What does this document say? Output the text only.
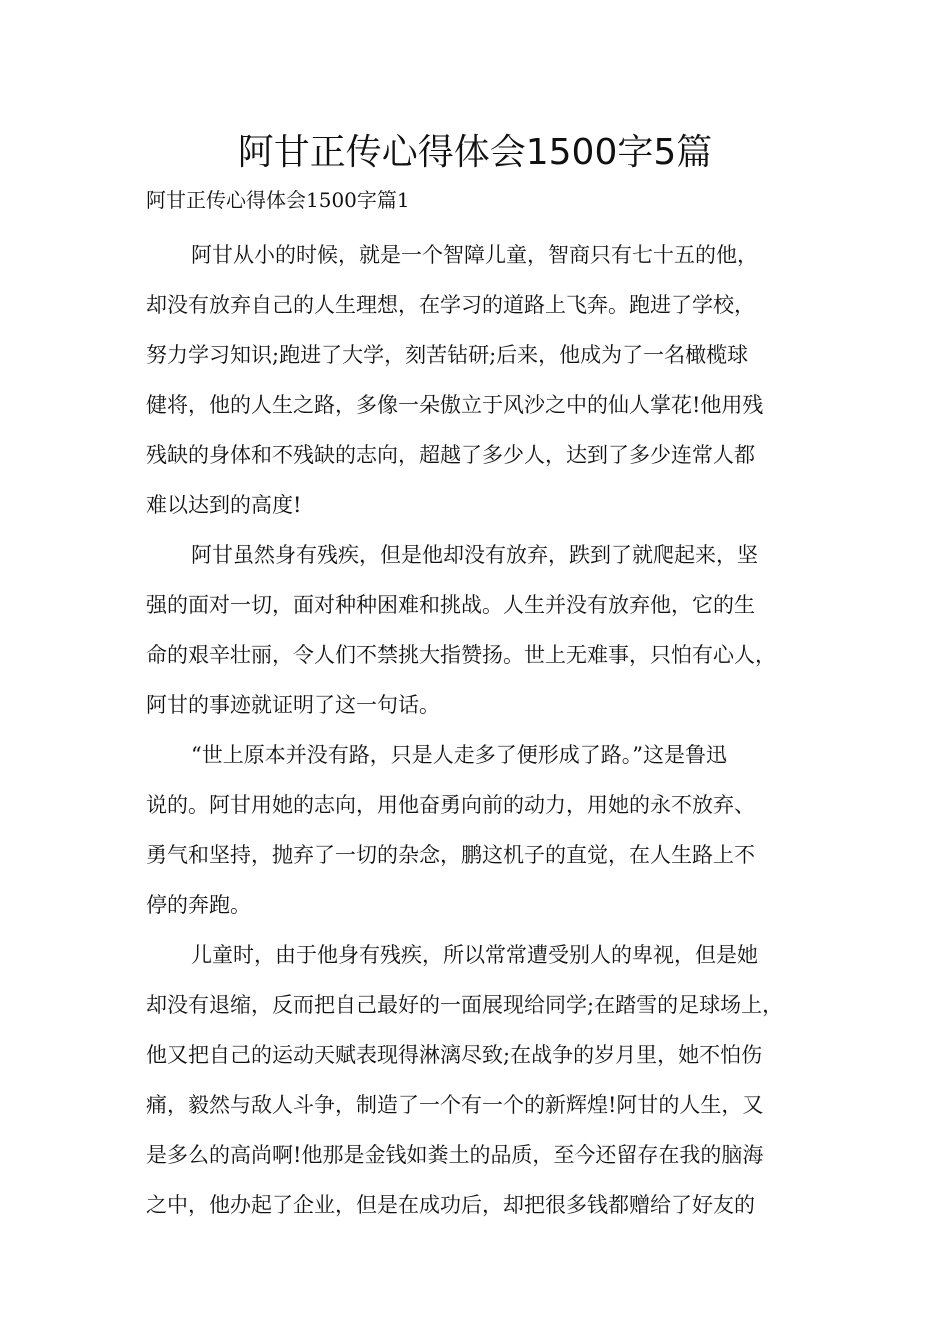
阿甘正传心得体会1500字5篇
阿甘正传心得体会1500字篇1

阿甘从小的时候，就是一个智障儿童，智商只有七十五的他，
却没有放弃自己的人生理想，在学习的道路上飞奔。跑进了学校，
努力学习知识;跑进了大学，刻苦钻研;后来，他成为了一名橄榄球
健将，他的人生之路，多像一朵傲立于风沙之中的仙人掌花!他用残
残缺的身体和不残缺的志向，超越了多少人，达到了多少连常人都
难以达到的高度!

阿甘虽然身有残疾，但是他却没有放弃，跌到了就爬起来，坚
强的面对一切，面对种种困难和挑战。人生并没有放弃他，它的生
命的艰辛壮丽，令人们不禁挑大指赞扬。世上无难事，只怕有心人，
阿甘的事迹就证明了这一句话。

“世上原本并没有路，只是人走多了便形成了路。”这是鲁迅
说的。阿甘用她的志向，用他奋勇向前的动力，用她的永不放弃、
勇气和坚持，抛弃了一切的杂念，鹏这机子的直觉，在人生路上不
停的奔跑。

儿童时，由于他身有残疾，所以常常遭受别人的卑视，但是她
却没有退缩，反而把自己最好的一面展现给同学;在踏雪的足球场上，
他又把自己的运动天赋表现得淋漓尽致;在战争的岁月里，她不怕伤
痛，毅然与敌人斗争，制造了一个有一个的新辉煌!阿甘的人生，又
是多么的高尚啊!他那是金钱如粪土的品质，至今还留存在我的脑海
之中，他办起了企业，但是在成功后，却把很多钱都赠给了好友的
